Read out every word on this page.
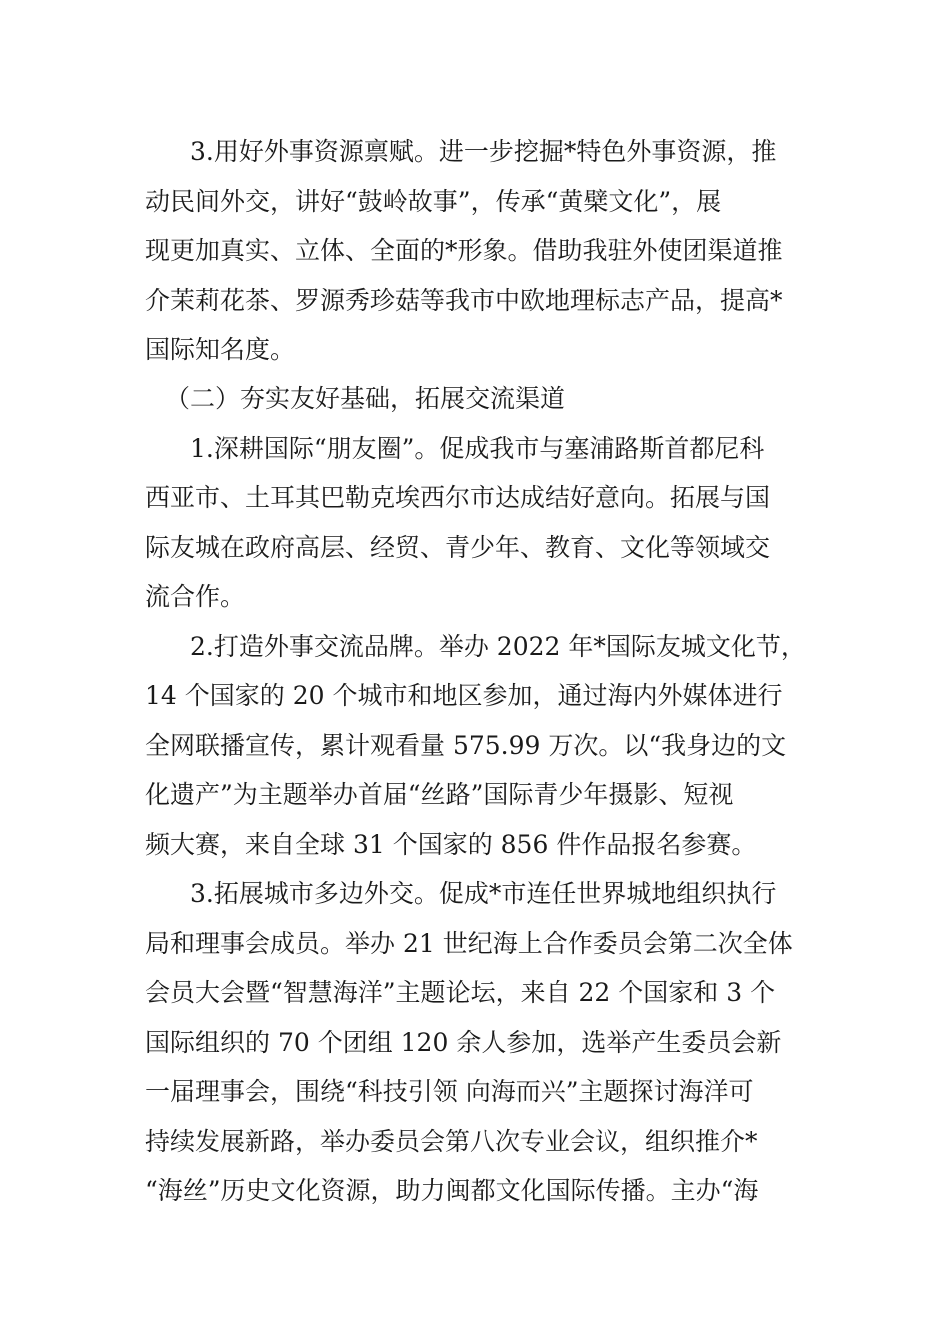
3.用好外事资源禀赋。进一步挖掘*特色外事资源，推
动民间外交，讲好“鼓岭故事”，传承“黄檗文化”，展
现更加真实、立体、全面的*形象。借助我驻外使团渠道推
介茉莉花茶、罗源秀珍菇等我市中欧地理标志产品，提高*
国际知名度。
（二）夯实友好基础，拓展交流渠道
1.深耕国际“朋友圈”。促成我市与塞浦路斯首都尼科
西亚市、土耳其巴勒克埃西尔市达成结好意向。拓展与国
际友城在政府高层、经贸、青少年、教育、文化等领域交
流合作。
2.打造外事交流品牌。举办 2022 年*国际友城文化节，
14 个国家的 20 个城市和地区参加，通过海内外媒体进行
全网联播宣传，累计观看量 575.99 万次。以“我身边的文
化遗产”为主题举办首届“丝路”国际青少年摄影、短视
频大赛，来自全球 31 个国家的 856 件作品报名参赛。
3.拓展城市多边外交。促成*市连任世界城地组织执行
局和理事会成员。举办 21 世纪海上合作委员会第二次全体
会员大会暨“智慧海洋”主题论坛，来自 22 个国家和 3 个
国际组织的 70 个团组 120 余人参加，选举产生委员会新
一届理事会，围绕“科技引领 向海而兴”主题探讨海洋可
持续发展新路，举办委员会第八次专业会议，组织推介*
“海丝”历史文化资源，助力闽都文化国际传播。主办“海
